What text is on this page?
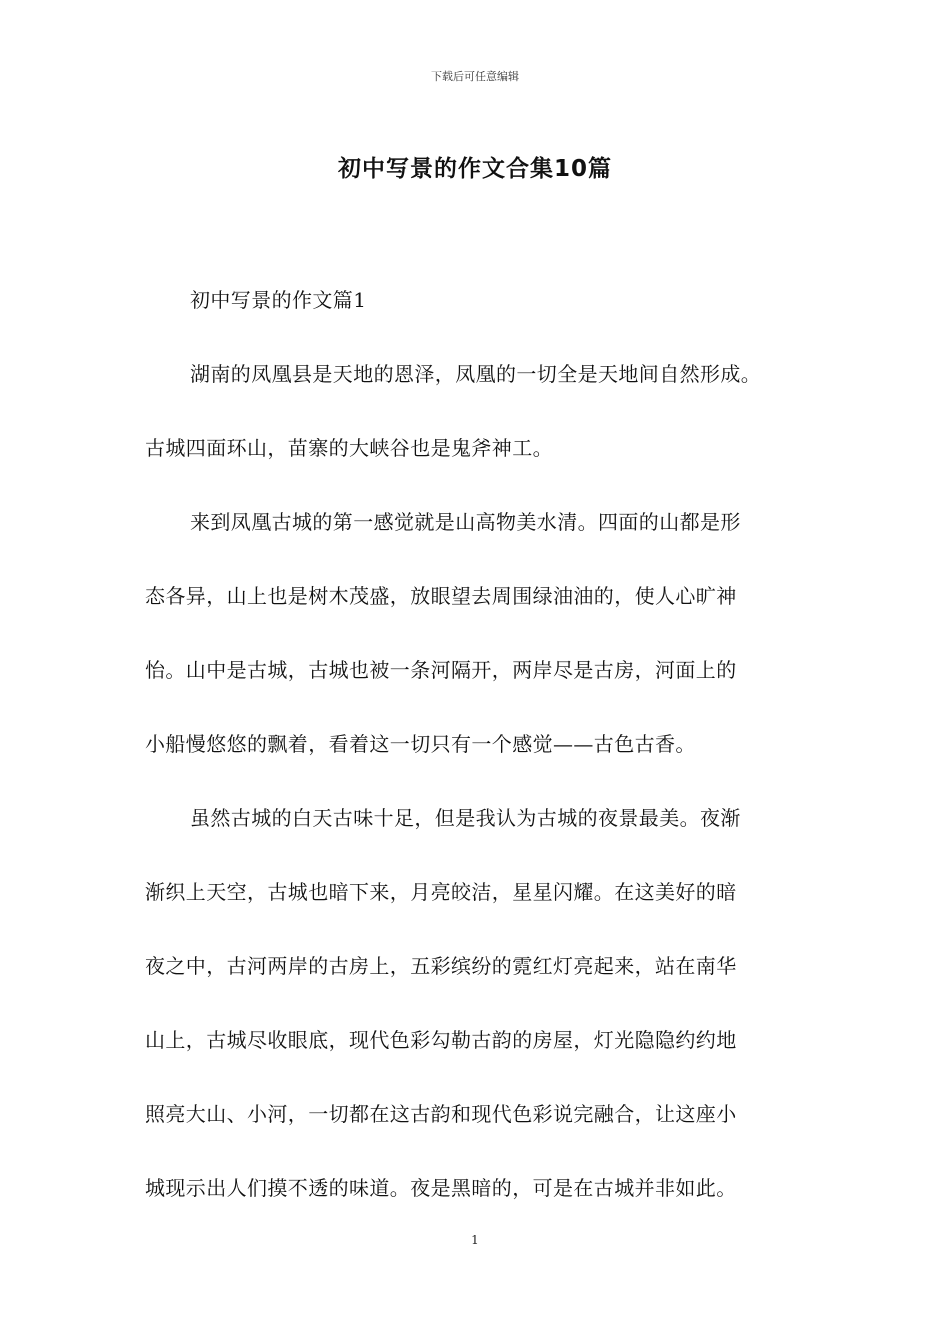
下载后可任意编辑
初中写景的作文合集10篇
初中写景的作文篇1
湖南的凤凰县是天地的恩泽，凤凰的一切全是天地间自然形成。
古城四面环山，苗寨的大峡谷也是鬼斧神工。
来到凤凰古城的第一感觉就是山高物美水清。四面的山都是形
态各异，山上也是树木茂盛，放眼望去周围绿油油的，使人心旷神
怡。山中是古城，古城也被一条河隔开，两岸尽是古房，河面上的
小船慢悠悠的飘着，看着这一切只有一个感觉——古色古香。
虽然古城的白天古味十足，但是我认为古城的夜景最美。夜渐
渐织上天空，古城也暗下来，月亮皎洁，星星闪耀。在这美好的暗
夜之中，古河两岸的古房上，五彩缤纷的霓红灯亮起来，站在南华
山上，古城尽收眼底，现代色彩勾勒古韵的房屋，灯光隐隐约约地
照亮大山、小河，一切都在这古韵和现代色彩说完融合，让这座小
城现示出人们摸不透的味道。夜是黑暗的，可是在古城并非如此。
1
